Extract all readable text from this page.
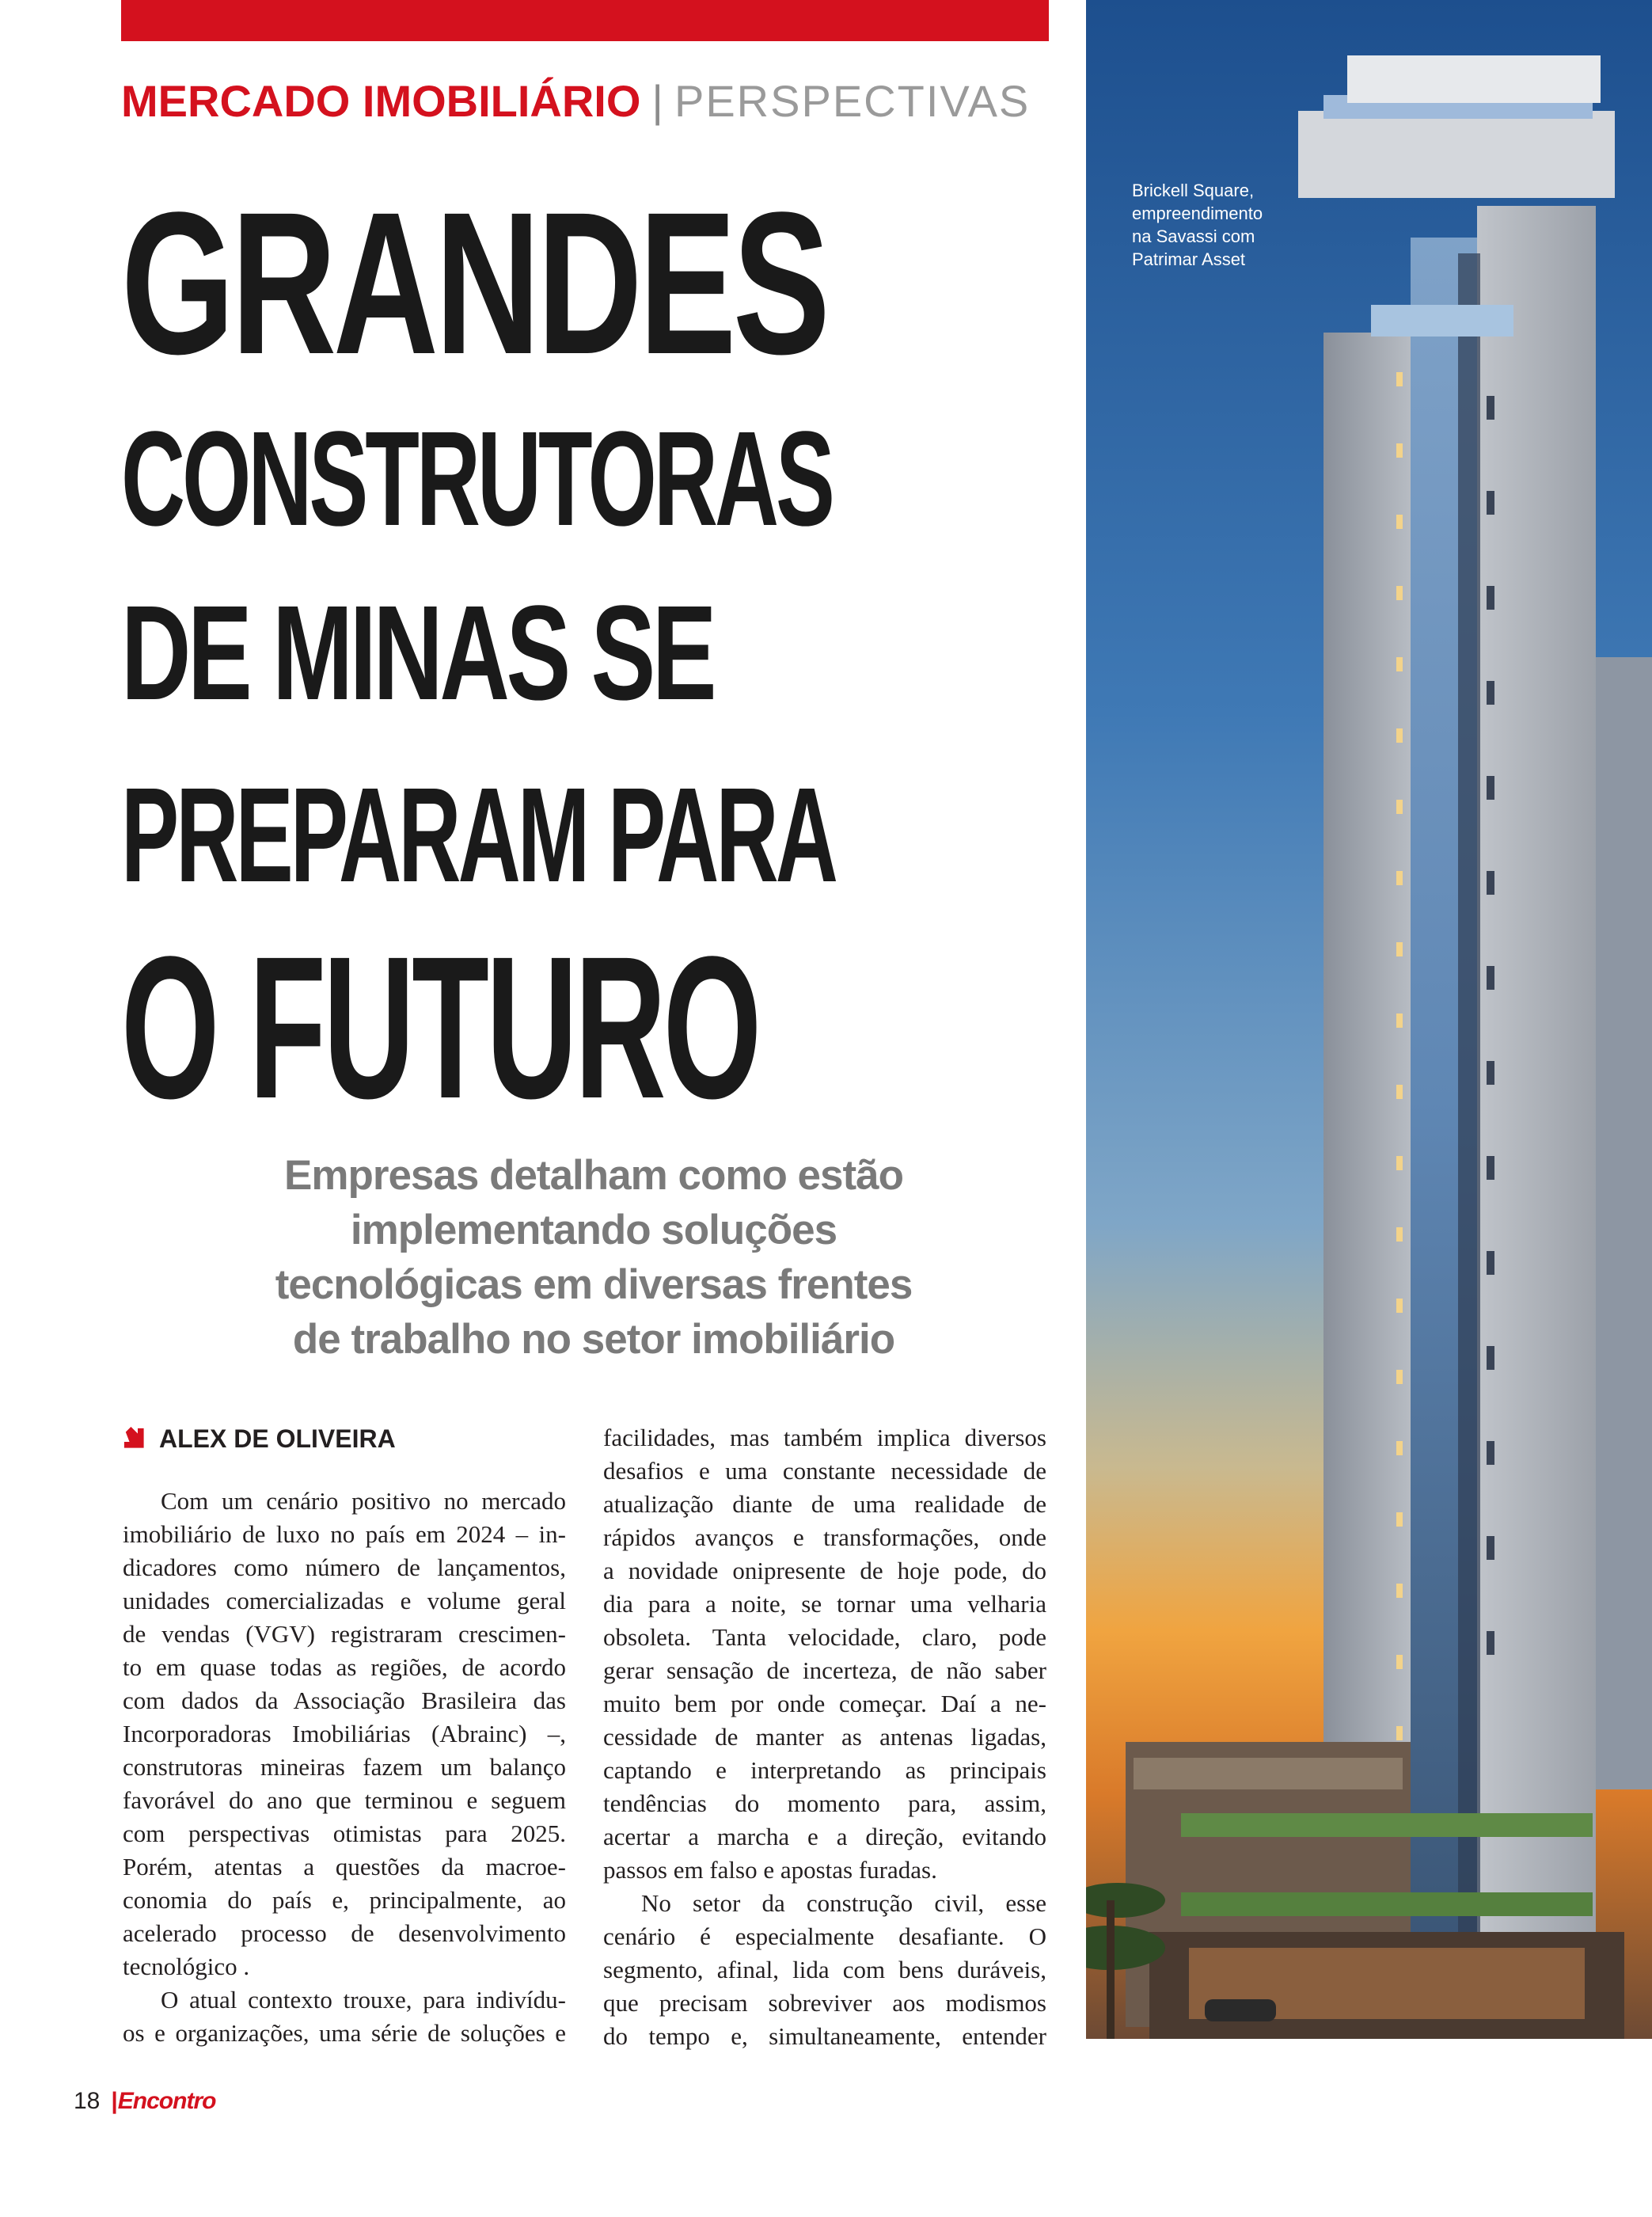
MERCADO IMOBILIÁRIO | PERSPECTIVAS
GRANDES
CONSTRUTORAS
DE MINAS SE
PREPARAM PARA
O FUTURO
Empresas detalham como estão
implementando soluções
tecnológicas em diversas frentes
de trabalho no setor imobiliário
ALEX DE OLIVEIRA

Com um cenário positivo no mercado
imobiliário de luxo no país em 2024 – in-
dicadores como número de lançamentos,
unidades comercializadas e volume geral
de vendas (VGV) registraram crescimen-
to em quase todas as regiões, de acordo
com dados da Associação Brasileira das
Incorporadoras Imobiliárias (Abrainc) –,
construtoras mineiras fazem um balanço
favorável do ano que terminou e seguem
com perspectivas otimistas para 2025.
Porém, atentas a questões da macroe-
conomia do país e, principalmente, ao
acelerado processo de desenvolvimento
tecnológico .
O atual contexto trouxe, para indivídu-
os e organizações, uma série de soluções e

facilidades, mas também implica diversos
desafios e uma constante necessidade de
atualização diante de uma realidade de
rápidos avanços e transformações, onde
a novidade onipresente de hoje pode, do
dia para a noite, se tornar uma velharia
obsoleta. Tanta velocidade, claro, pode
gerar sensação de incerteza, de não saber
muito bem por onde começar. Daí a ne-
cessidade de manter as antenas ligadas,
captando e interpretando as principais
tendências do momento para, assim,
acertar a marcha e a direção, evitando
passos em falso e apostas furadas.
No setor da construção civil, esse
cenário é especialmente desafiante. O
segmento, afinal, lida com bens duráveis,
que precisam sobreviver aos modismos
do tempo e, simultaneamente, entender

Brickell Square,
empreendimento
na Savassi com
Patrimar Asset
18 |Encontro
